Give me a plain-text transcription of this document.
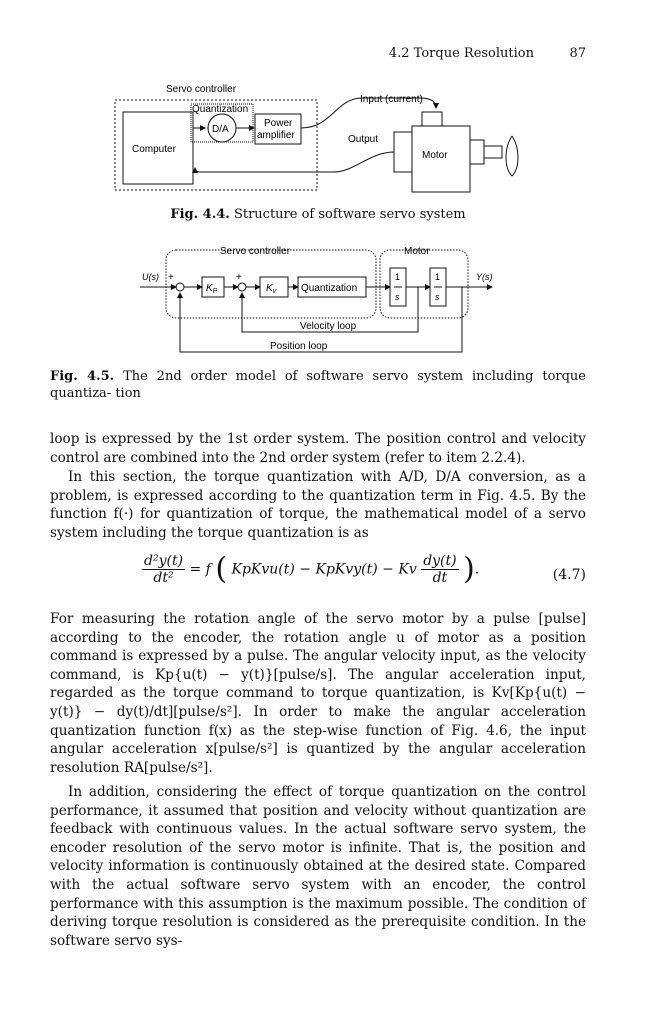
4.2 Torque Resolution	87
Servo controller
Computer
Quantization
D/A
Power
amplifier
Input (current)
Motor
Output
Fig. 4.4. Structure of software servo system
Servo controller	Motor
U(s) +
$K_P$
+
$K_v$ Quantization
1
s
1
s
Y(s)
Velocity loop
Position loop
Fig. 4.5. The 2nd order model of software servo system including torque quantiza- tion

loop is expressed by the 1st order system. The position control and velocity control are combined into the 2nd order system (refer to item 2.2.4).

In this section, the torque quantization with A/D, D/A conversion, as a problem, is expressed according to the quantization term in Fig. 4.5. By the function f(·) for quantization of torque, the mathematical model of a servo system including the torque quantization is as

$\frac{\text{d²y(t)}}{\text{dt²}} = f$ ( KpKvu(t) − KpKvy(t) − Kv $\frac{dy(t)}{dt}$ ).	(4.7)

For measuring the rotation angle of the servo motor by a pulse [pulse] according to the encoder, the rotation angle u of motor as a position command is expressed by a pulse. The angular velocity input, as the velocity command, is Kp{u(t) − y(t)}[pulse/s]. The angular acceleration input, regarded as the torque command to torque quantization, is Kv[Kp{u(t) − y(t)} − dy(t)/dt][pulse/s²]. In order to make the angular acceleration quantization function f(x) as the step-wise function of Fig. 4.6, the input angular acceleration x[pulse/s²] is quantized by the angular acceleration resolution RA[pulse/s²].

In addition, considering the effect of torque quantization on the control performance, it assumed that position and velocity without quantization are feedback with continuous values. In the actual software servo system, the encoder resolution of the servo motor is infinite. That is, the position and velocity information is continuously obtained at the desired state. Compared with the actual software servo system with an encoder, the control performance with this assumption is the maximum possible. The condition of deriving torque resolution is considered as the prerequisite condition. In the software servo sys-
